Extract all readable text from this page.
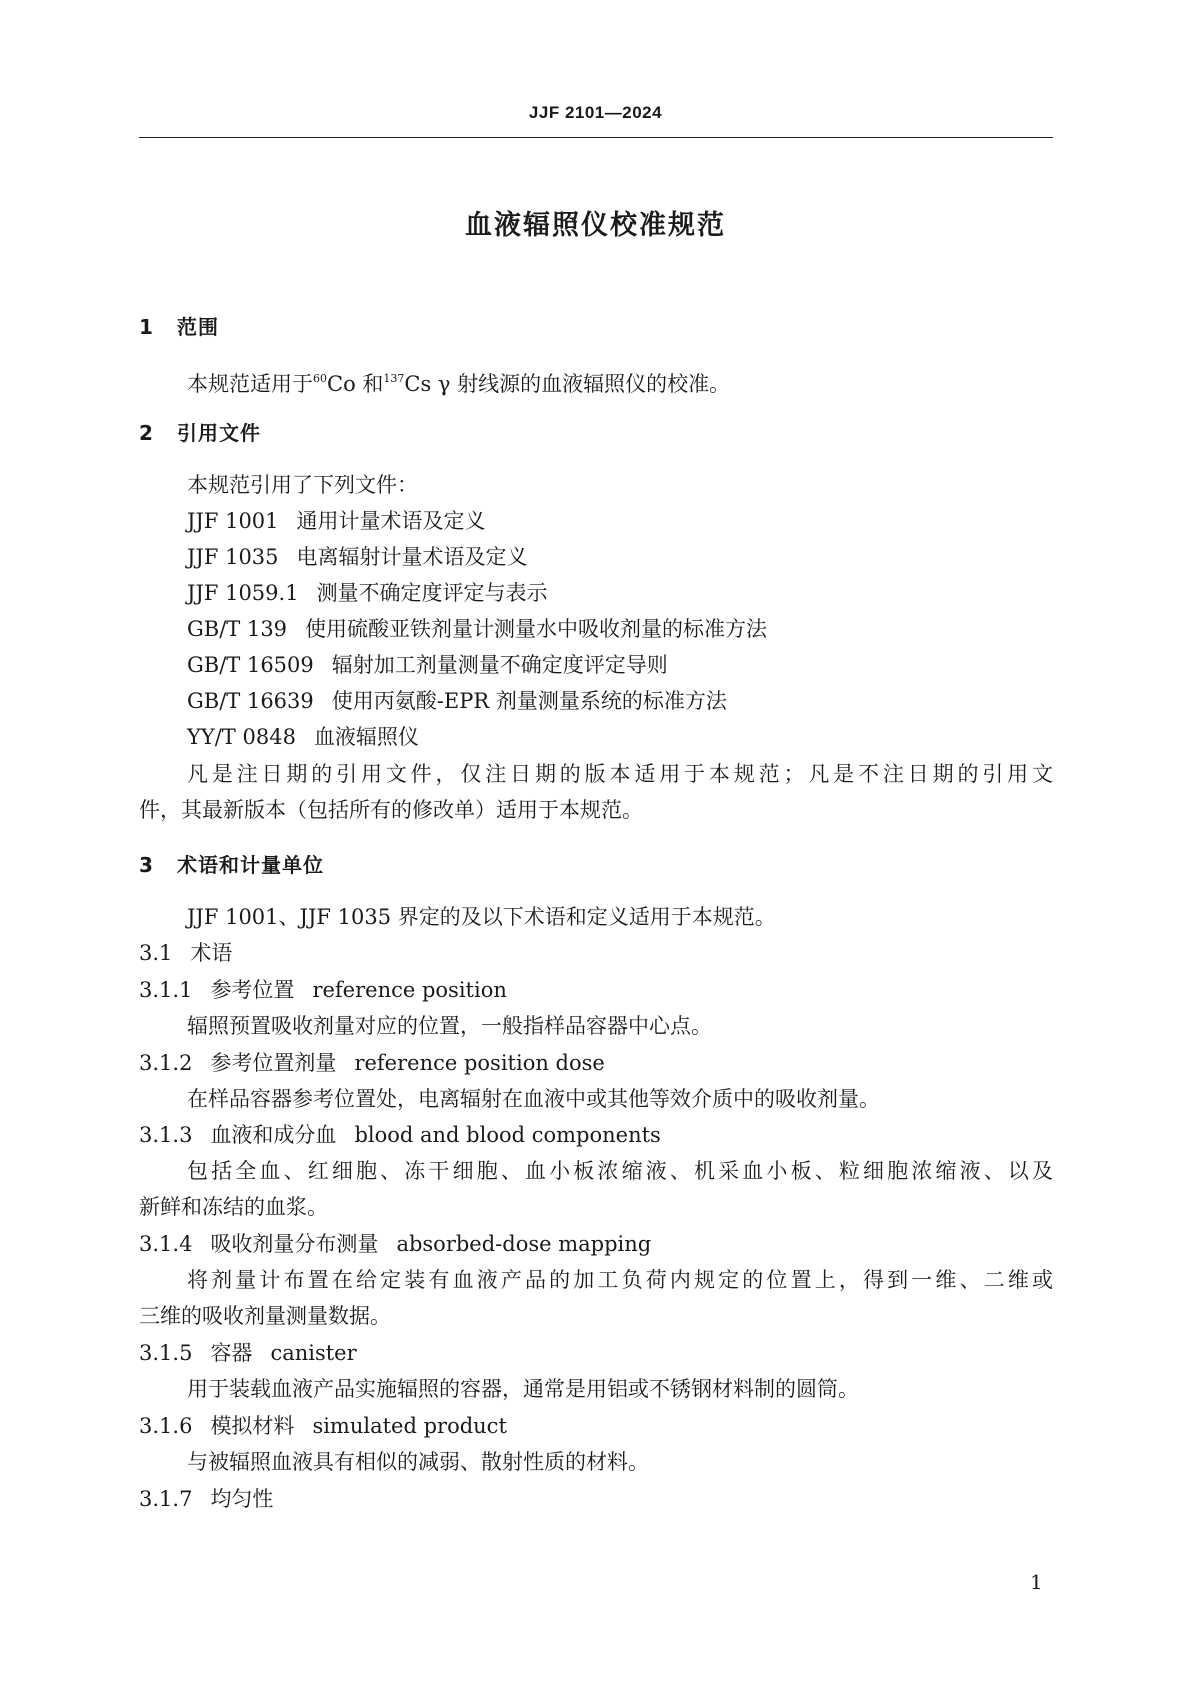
JJF 2101—2024
血液辐照仪校准规范
1 范围
本规范适用于$^{60}$Co 和$^{137}$Cs γ 射线源的血液辐照仪的校准。
2 引用文件
本规范引用了下列文件：
JJF 1001 通用计量术语及定义
JJF 1035 电离辐射计量术语及定义
JJF 1059.1 测量不确定度评定与表示
GB/T 139 使用硫酸亚铁剂量计测量水中吸收剂量的标准方法
GB/T 16509 辐射加工剂量测量不确定度评定导则
GB/T 16639 使用丙氨酸-EPR 剂量测量系统的标准方法
YY/T 0848 血液辐照仪
凡是注日期的引用文件，仅注日期的版本适用于本规范；凡是不注日期的引用文
件，其最新版本（包括所有的修改单）适用于本规范。
3 术语和计量单位
JJF 1001、JJF 1035 界定的及以下术语和定义适用于本规范。
3.1 术语
3.1.1 参考位置 reference position
辐照预置吸收剂量对应的位置，一般指样品容器中心点。
3.1.2 参考位置剂量 reference position dose
在样品容器参考位置处，电离辐射在血液中或其他等效介质中的吸收剂量。
3.1.3 血液和成分血 blood and blood components
包括全血、红细胞、冻干细胞、血小板浓缩液、机采血小板、粒细胞浓缩液、以及
新鲜和冻结的血浆。
3.1.4 吸收剂量分布测量 absorbed-dose mapping
将剂量计布置在给定装有血液产品的加工负荷内规定的位置上，得到一维、二维或
三维的吸收剂量测量数据。
3.1.5 容器 canister
用于装载血液产品实施辐照的容器，通常是用铝或不锈钢材料制的圆筒。
3.1.6 模拟材料 simulated product
与被辐照血液具有相似的减弱、散射性质的材料。
3.1.7 均匀性
1
